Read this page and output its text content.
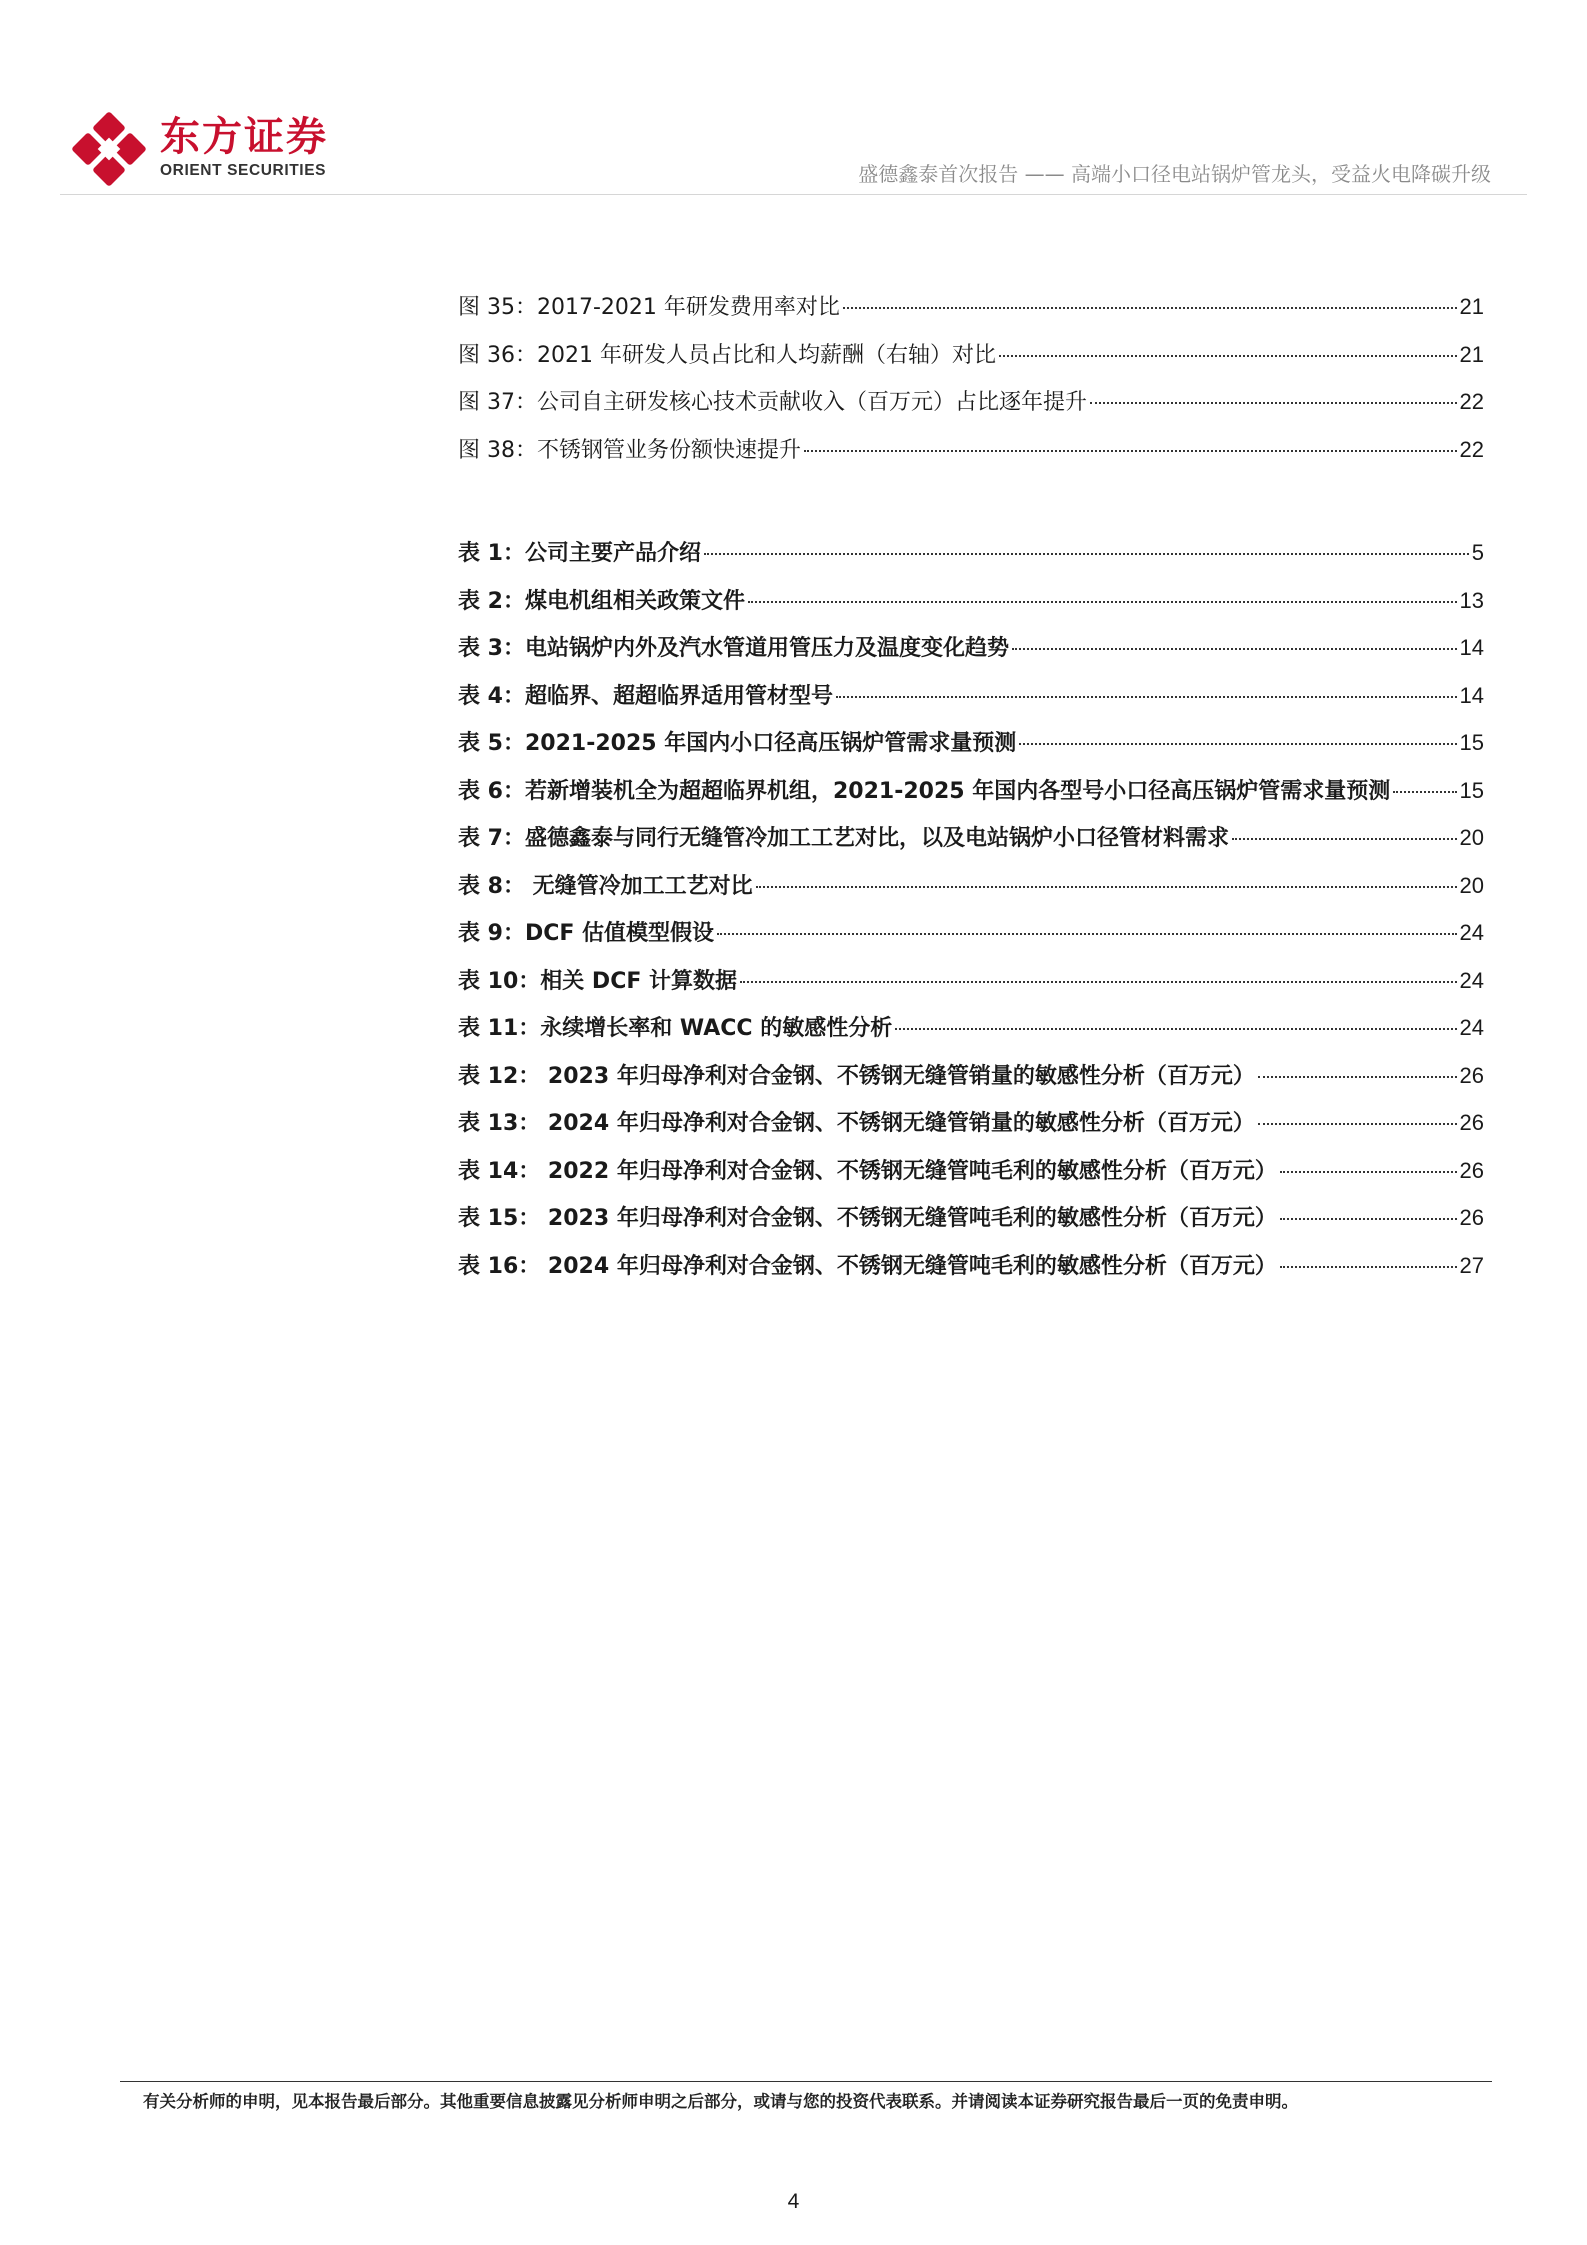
东方证券
ORIENT SECURITIES	盛德鑫泰首次报告 —— 高端小口径电站锅炉管龙头，受益火电降碳升级
图 35：2017-2021 年研发费用率对比	21
图 36：2021 年研发人员占比和人均薪酬（右轴）对比	21
图 37：公司自主研发核心技术贡献收入（百万元）占比逐年提升	22
图 38：不锈钢管业务份额快速提升	22
表 1：公司主要产品介绍	5
表 2：煤电机组相关政策文件	13
表 3：电站锅炉内外及汽水管道用管压力及温度变化趋势	14
表 4：超临界、超超临界适用管材型号	14
表 5：2021-2025 年国内小口径高压锅炉管需求量预测	15
表 6：若新增装机全为超超临界机组，2021-2025 年国内各型号小口径高压锅炉管需求量预测	15
表 7：盛德鑫泰与同行无缝管冷加工工艺对比，以及电站锅炉小口径管材料需求	20
表 8： 无缝管冷加工工艺对比	20
表 9：DCF 估值模型假设	24
表 10：相关 DCF 计算数据	24
表 11：永续增长率和 WACC 的敏感性分析	24
表 12： 2023 年归母净利对合金钢、不锈钢无缝管销量的敏感性分析（百万元）	26
表 13： 2024 年归母净利对合金钢、不锈钢无缝管销量的敏感性分析（百万元）	26
表 14： 2022 年归母净利对合金钢、不锈钢无缝管吨毛利的敏感性分析（百万元）	26
表 15： 2023 年归母净利对合金钢、不锈钢无缝管吨毛利的敏感性分析（百万元）	26
表 16： 2024 年归母净利对合金钢、不锈钢无缝管吨毛利的敏感性分析（百万元）	27
有关分析师的申明，见本报告最后部分。其他重要信息披露见分析师申明之后部分，或请与您的投资代表联系。并请阅读本证券研究报告最后一页的免责申明。
4
